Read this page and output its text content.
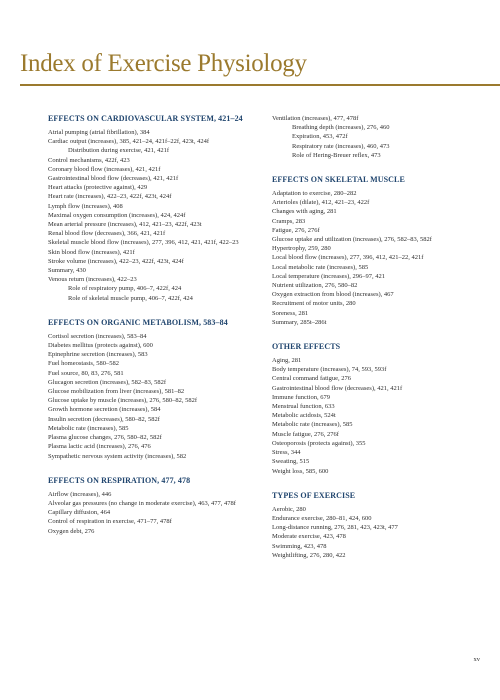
Index of Exercise Physiology
EFFECTS ON CARDIOVASCULAR SYSTEM, 421–24
Atrial pumping (atrial fibrillation), 384
Cardiac output (increases), 385, 421–24, 421f–22f, 423t, 424f
Distribution during exercise, 421, 421f
Control mechanisms, 422f, 423
Coronary blood flow (increases), 421, 421f
Gastrointestinal blood flow (decreases), 421, 421f
Heart attacks (protective against), 429
Heart rate (increases), 422–23, 422f, 423t, 424f
Lymph flow (increases), 408
Maximal oxygen consumption (increases), 424, 424f
Mean arterial pressure (increases), 412, 421–23, 422f, 423t
Renal blood flow (decreases), 366, 421, 421f
Skeletal muscle blood flow (increases), 277, 396, 412, 421, 421f, 422–23
Skin blood flow (increases), 421f
Stroke volume (increases), 422–23, 422f, 423t, 424f
Summary, 430
Venous return (increases), 422–23
Role of respiratory pump, 406–7, 422f, 424
Role of skeletal muscle pump, 406–7, 422f, 424
EFFECTS ON ORGANIC METABOLISM, 583–84
Cortisol secretion (increases), 583–84
Diabetes mellitus (protects against), 600
Epinephrine secretion (increases), 583
Fuel homeostasis, 580–582
Fuel source, 80, 83, 276, 581
Glucagon secretion (increases), 582–83, 582f
Glucose mobilization from liver (increases), 581–82
Glucose uptake by muscle (increases), 276, 580–82, 582f
Growth hormone secretion (increases), 584
Insulin secretion (decreases), 580–82, 582f
Metabolic rate (increases), 585
Plasma glucose changes, 276, 580–82, 582f
Plasma lactic acid (increases), 276, 476
Sympathetic nervous system activity (increases), 582
EFFECTS ON RESPIRATION, 477, 478
Airflow (increases), 446
Alveolar gas pressures (no change in moderate exercise), 463, 477, 478f
Capillary diffusion, 464
Control of respiration in exercise, 471–77, 478f
Oxygen debt, 276
Ventilation (increases), 477, 478f
Breathing depth (increases), 276, 460
Expiration, 453, 472f
Respiratory rate (increases), 460, 473
Role of Hering-Breuer reflex, 473
EFFECTS ON SKELETAL MUSCLE
Adaptation to exercise, 280–282
Arterioles (dilate), 412, 421–23, 422f
Changes with aging, 281
Cramps, 283
Fatigue, 276, 276f
Glucose uptake and utilization (increases), 276, 582–83, 582f
Hypertrophy, 259, 280
Local blood flow (increases), 277, 396, 412, 421–22, 421f
Local metabolic rate (increases), 585
Local temperature (increases), 296–97, 421
Nutrient utilization, 276, 580–82
Oxygen extraction from blood (increases), 467
Recruitment of motor units, 280
Soreness, 281
Summary, 285t–286t
OTHER EFFECTS
Aging, 281
Body temperature (increases), 74, 593, 593f
Central command fatigue, 276
Gastrointestinal blood flow (decreases), 421, 421f
Immune function, 679
Menstrual function, 633
Metabolic acidosis, 524t
Metabolic rate (increases), 585
Muscle fatigue, 276, 276f
Osteoporosis (protects against), 355
Stress, 344
Sweating, 515
Weight loss, 585, 600
TYPES OF EXERCISE
Aerobic, 280
Endurance exercise, 280–81, 424, 600
Long-distance running, 276, 281, 423, 423t, 477
Moderate exercise, 423, 478
Swimming, 423, 478
Weightlifting, 276, 280, 422
xv
